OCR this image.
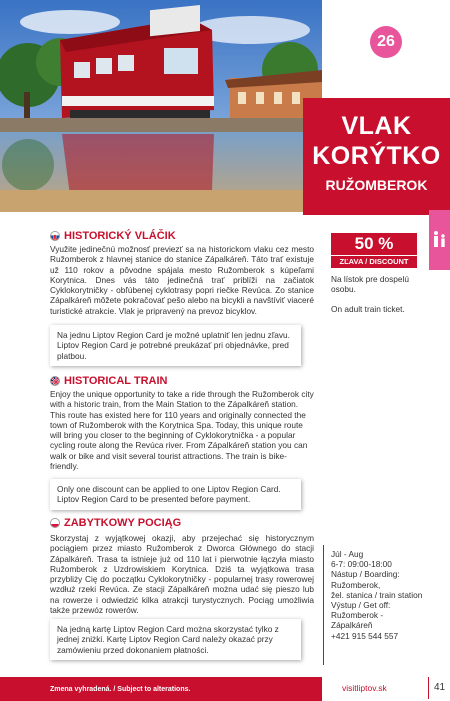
26
VLAK
KORÝTKO
RUŽOMBEROK
HISTORICKÝ VLÁČIK
Využite jedinečnú možnosť previezť sa na historickom vlaku cez mesto Ružomberok z hlavnej stanice do stanice Zápalkáreň. Táto trať existuje už 110 rokov a pôvodne spájala mesto Ružomberok s kúpeľami Korytnica. Dnes vás táto jedinečná trať priblíži na začiatok Cyklokorytničky - obľúbenej cyklotrasy popri riečke Revúca. Zo stanice Zápalkáreň môžete pokračovať pešo alebo na bicykli a navštíviť viaceré turistické atrakcie. Vlak je pripravený na prevoz bicyklov.
Na jednu Liptov Region Card je možné uplatniť len jednu zľavu. Liptov Region Card je potrebné preukázať pri objednávke, pred platbou.
HISTORICAL TRAIN
Enjoy the unique opportunity to take a ride through the Ružomberok city with a historic train, from the Main Station to the Zápalkáreň station. This route has existed here for 110 years and originally connected the town of Ružomberok with the Korytnica Spa. Today, this unique route will bring you closer to the beginning of Cyklokorytnička - a popular cycling route along the Revúca river. From Zápalkáreň station you can walk or bike and visit several tourist attractions. The train is bike-friendly.
Only one discount can be applied to one Liptov Region Card. Liptov Region Card to be presented before payment.
ZABYTKOWY POCIĄG
Skorzystaj z wyjątkowej okazji, aby przejechać się historycznym pociągiem przez miasto Ružomberok z Dworca Głównego do stacji Zápalkáreň. Trasa ta istnieje już od 110 lat i pierwotnie łączyła miasto Ružomberok z Uzdrowiskiem Korytnica. Dziś ta wyjątkowa trasa przybliży Cię do początku Cyklokorytničky - popularnej trasy rowerowej wzdłuż rzeki Revúca. Ze stacji Zápalkáreň można udać się pieszo lub na rowerze i odwiedzić kilka atrakcji turystycznych. Pociąg umożliwia także przewóz rowerów.
Na jedną kartę Liptov Region Card można skorzystać tylko z jednej zniżki. Kartę Liptov Region Card należy okazać przy zamówieniu przed dokonaniem płatności.
50 %
ZĽAVA / DISCOUNT
Na lístok pre dospelú osobu.
On adult train ticket.
Júl - Aug
6-7: 09:00-18:00
Nástup / Boarding:
Ružomberok,
žel. stanica / train station
Výstup / Get off:
Ružomberok - Zápalkáreň
+421 915 544 557
Zmena vyhradená. / Subject to alterations.	visitliptov.sk	41
